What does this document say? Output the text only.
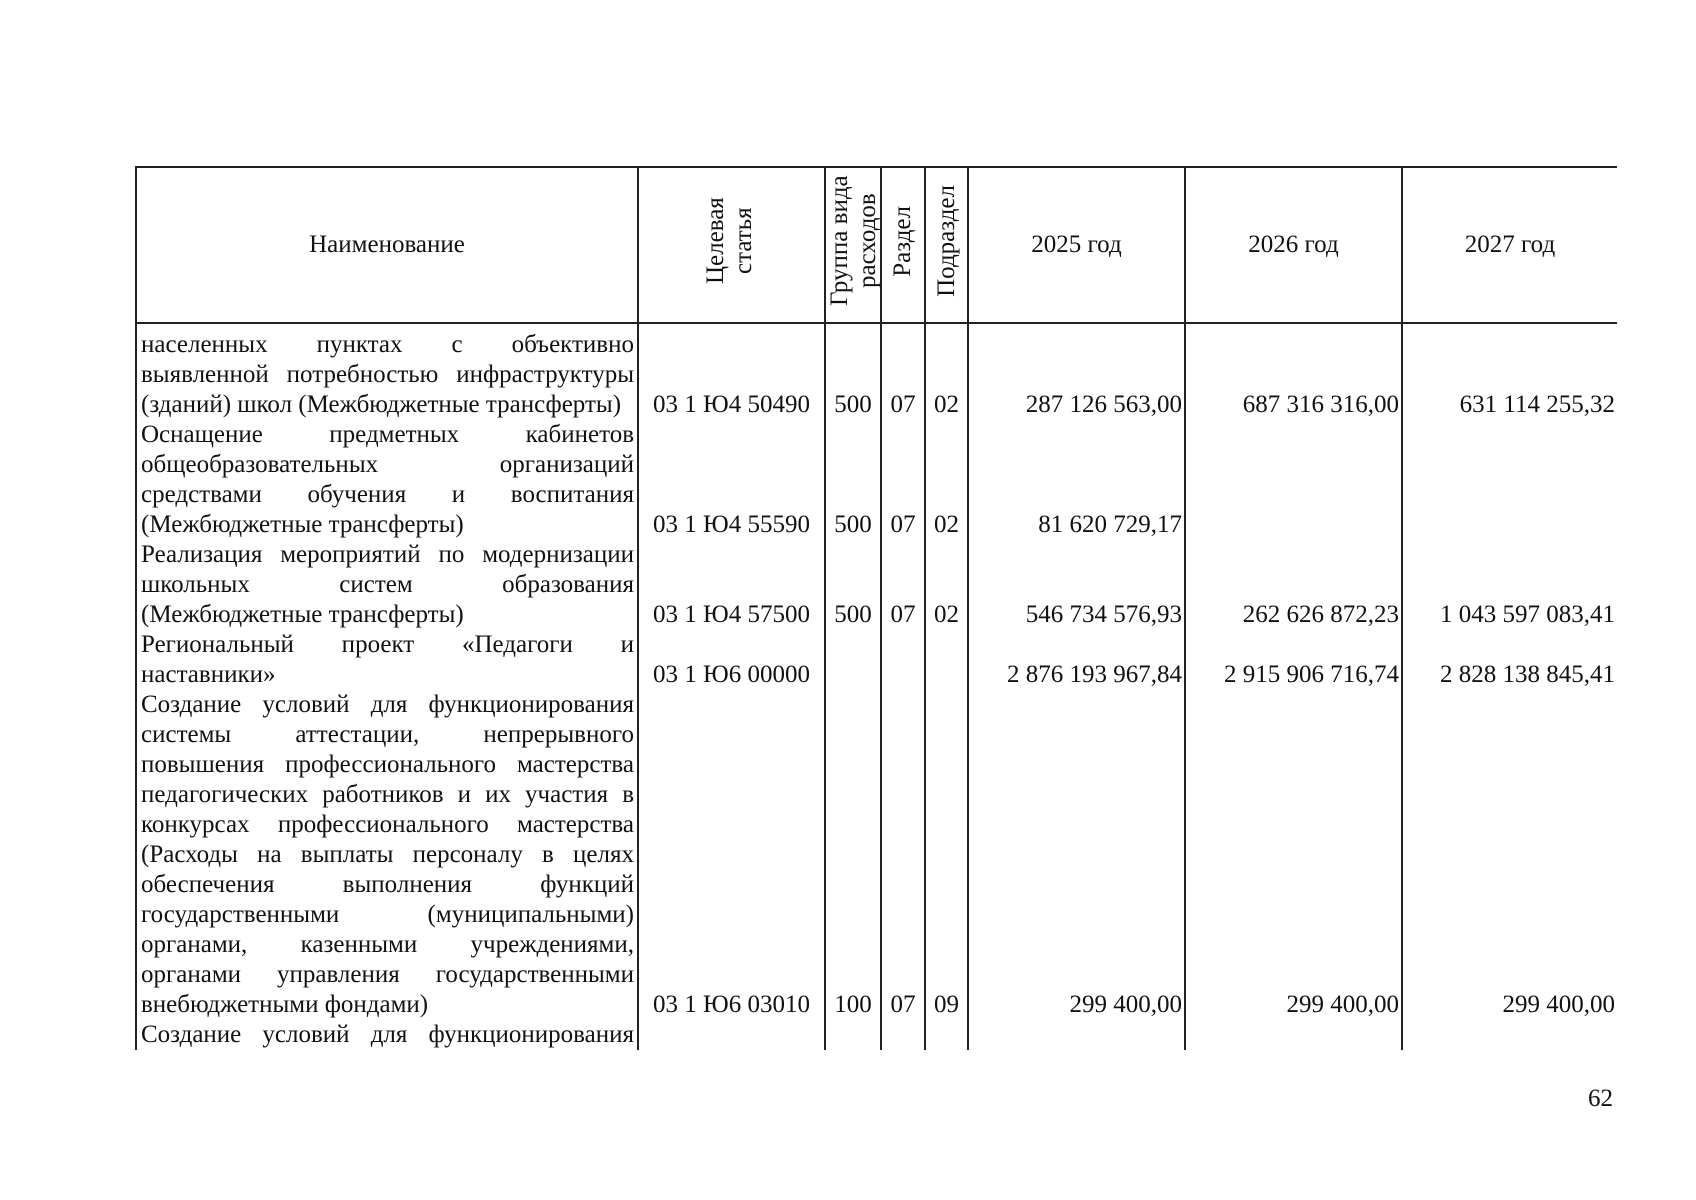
Наименование	Целевая статья	Группа вида расходов	Раздел	Подраздел	2025 год	2026 год	2027 год
населенных пунктах с объективно выявленной потребностью инфраструктуры (зданий) школ (Межбюджетные трансферты)	03 1 Ю4 50490	500	07	02	287 126 563,00	687 316 316,00	631 114 255,32
Оснащение предметных кабинетов общеобразовательных организаций средствами обучения и воспитания (Межбюджетные трансферты)	03 1 Ю4 55590	500	07	02	81 620 729,17		
Реализация мероприятий по модернизации школьных систем образования (Межбюджетные трансферты)	03 1 Ю4 57500	500	07	02	546 734 576,93	262 626 872,23	1 043 597 083,41
Региональный проект «Педагоги и наставники»	03 1 Ю6 00000				2 876 193 967,84	2 915 906 716,74	2 828 138 845,41
Создание условий для функционирования системы аттестации, непрерывного повышения профессионального мастерства педагогических работников и их участия в конкурсах профессионального мастерства (Расходы на выплаты персоналу в целях обеспечения выполнения функций государственными (муниципальными) органами, казенными учреждениями, органами управления государственными внебюджетными фондами)	03 1 Ю6 03010	100	07	09	299 400,00	299 400,00	299 400,00
Создание условий для функционирования							
62
